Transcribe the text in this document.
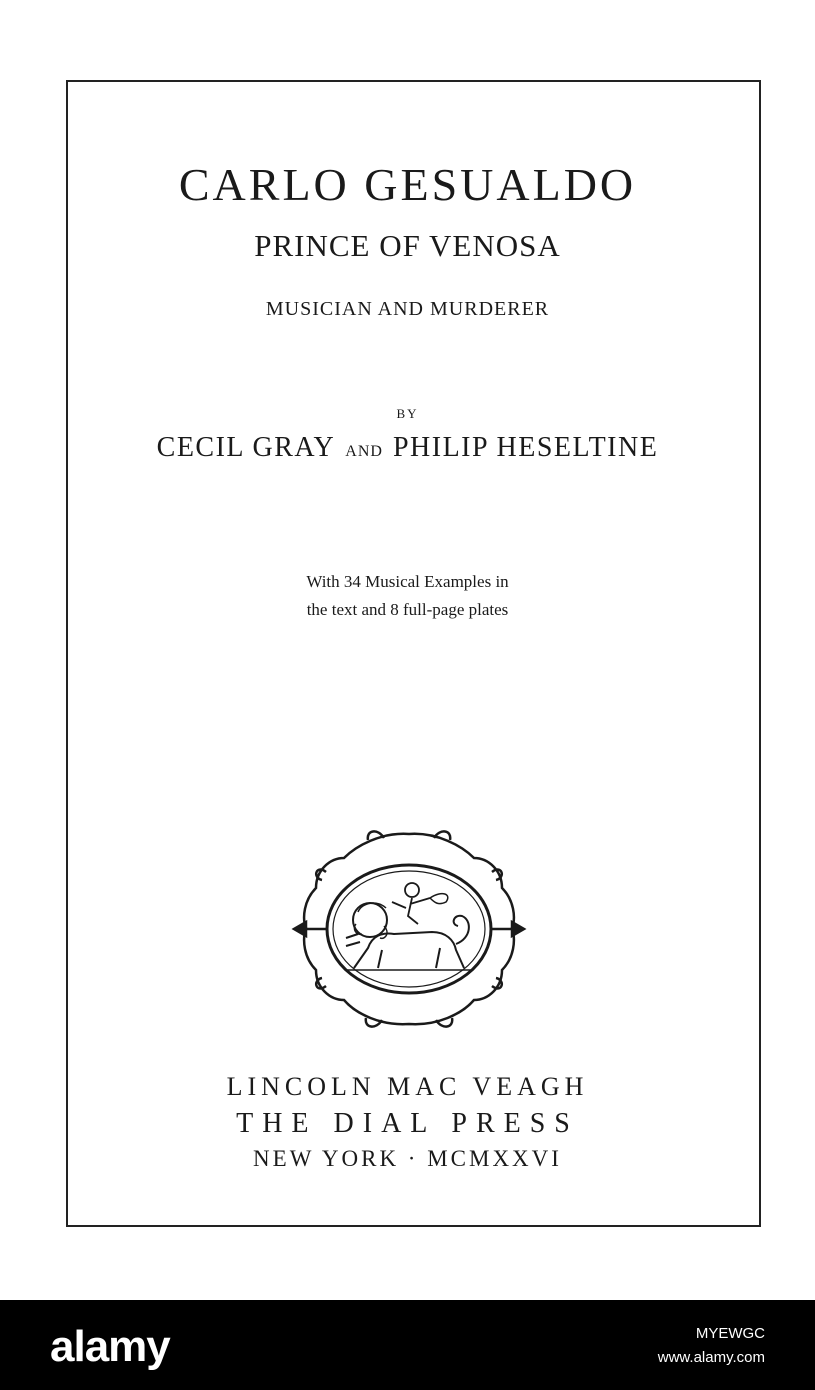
CARLO GESUALDO
PRINCE OF VENOSA
MUSICIAN AND MURDERER
BY
CECIL GRAY AND PHILIP HESELTINE
With 34 Musical Examples in
the text and 8 full-page plates
LINCOLN MAC VEAGH
THE DIAL PRESS
NEW YORK · MCMXXVI
alamy	MYEWGC
www.alamy.com
